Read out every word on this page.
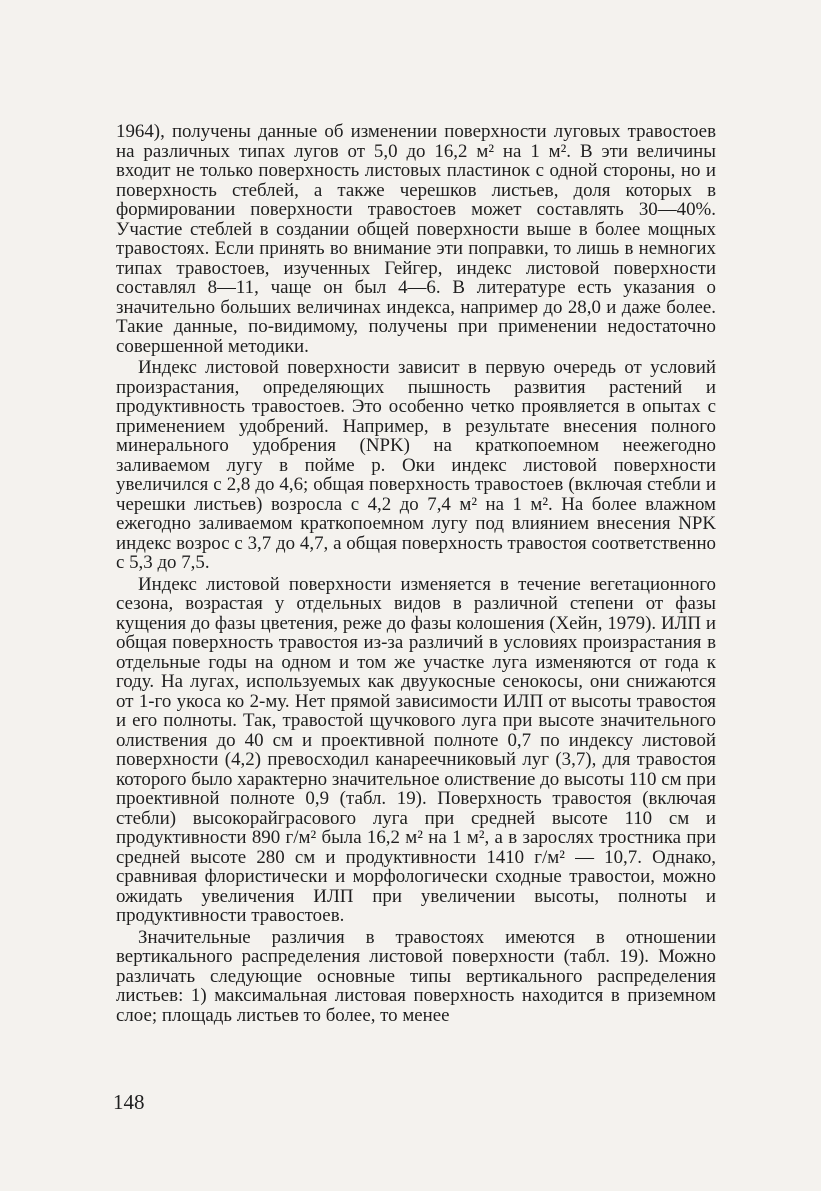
1964), получены данные об изменении поверхности луговых травостоев на различных типах лугов от 5,0 до 16,2 м² на 1 м². В эти величины входит не только поверхность листовых пластинок с одной стороны, но и поверхность стеблей, а также черешков листьев, доля которых в формировании поверхности травостоев может составлять 30—40%. Участие стеблей в создании общей поверхности выше в более мощных травостоях. Если принять во внимание эти поправки, то лишь в немногих типах травостоев, изученных Гейгер, индекс листовой поверхности составлял 8—11, чаще он был 4—6. В литературе есть указания о значительно больших величинах индекса, например до 28,0 и даже более. Такие данные, по-видимому, получены при применении недостаточно совершенной методики.

Индекс листовой поверхности зависит в первую очередь от условий произрастания, определяющих пышность развития растений и продуктивность травостоев. Это особенно четко проявляется в опытах с применением удобрений. Например, в результате внесения полного минерального удобрения (NPK) на краткопоемном неежегодно заливаемом лугу в пойме р. Оки индекс листовой поверхности увеличился с 2,8 до 4,6; общая поверхность травостоев (включая стебли и черешки листьев) возросла с 4,2 до 7,4 м² на 1 м². На более влажном ежегодно заливаемом краткопоемном лугу под влиянием внесения NPK индекс возрос с 3,7 до 4,7, а общая поверхность травостоя соответственно с 5,3 до 7,5.

Индекс листовой поверхности изменяется в течение вегетационного сезона, возрастая у отдельных видов в различной степени от фазы кущения до фазы цветения, реже до фазы колошения (Хейн, 1979). ИЛП и общая поверхность травостоя из-за различий в условиях произрастания в отдельные годы на одном и том же участке луга изменяются от года к году. На лугах, используемых как двуукосные сенокосы, они снижаются от 1-го укоса ко 2-му. Нет прямой зависимости ИЛП от высоты травостоя и его полноты. Так, травостой щучкового луга при высоте значительного олиствения до 40 см и проективной полноте 0,7 по индексу листовой поверхности (4,2) превосходил канареечниковый луг (3,7), для травостоя которого было характерно значительное олиствение до высоты 110 см при проективной полноте 0,9 (табл. 19). Поверхность травостоя (включая стебли) высокорайграсового луга при средней высоте 110 см и продуктивности 890 г/м² была 16,2 м² на 1 м², а в зарослях тростника при средней высоте 280 см и продуктивности 1410 г/м² — 10,7. Однако, сравнивая флористически и морфологически сходные травостои, можно ожидать увеличения ИЛП при увеличении высоты, полноты и продуктивности травостоев.

Значительные различия в травостоях имеются в отношении вертикального распределения листовой поверхности (табл. 19). Можно различать следующие основные типы вертикального распределения листьев: 1) максимальная листовая поверхность находится в приземном слое; площадь листьев то более, то менее

148
